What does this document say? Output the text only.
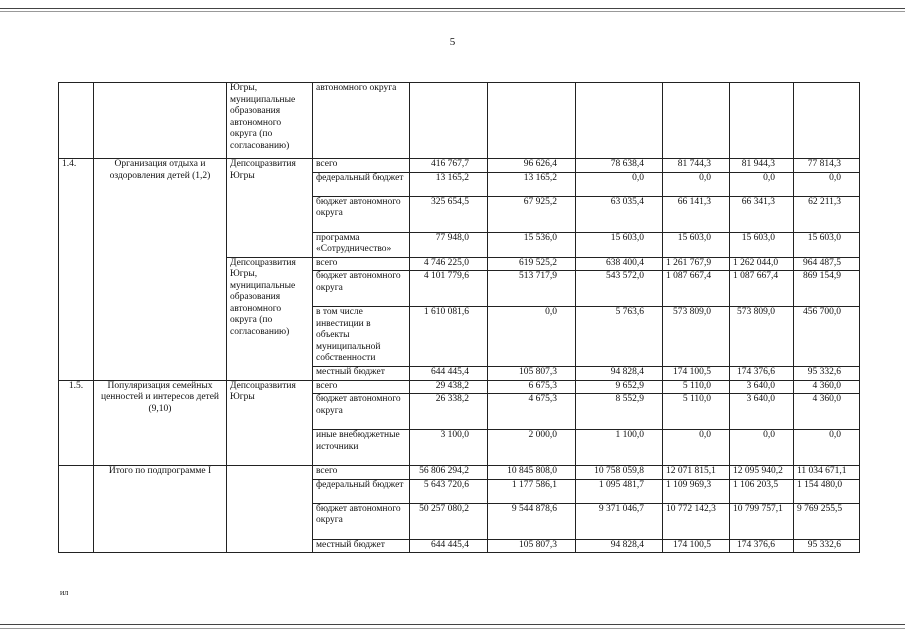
5
		Югры, муниципальные образования автономного округа (по согласованию)	автономного округа						
1.4.	Организация отдыха и оздоровления детей (1,2)	Депсоцразвития Югры	всего	416 767,7	96 626,4	78 638,4	81 744,3	81 944,3	77 814,3
			федеральный бюджет	13 165,2	13 165,2	0,0	0,0	0,0	0,0
			бюджет автономного округа	325 654,5	67 925,2	63 035,4	66 141,3	66 341,3	62 211,3
			программа «Сотрудничество»	77 948,0	15 536,0	15 603,0	15 603,0	15 603,0	15 603,0
		Депсоцразвития Югры, муниципальные образования автономного округа (по согласованию)	всего	4 746 225,0	619 525,2	638 400,4	1 261 767,9	1 262 044,0	964 487,5
			бюджет автономного округа	4 101 779,6	513 717,9	543 572,0	1 087 667,4	1 087 667,4	869 154,9
			в том числе инвестиции в объекты муниципальной собственности	1 610 081,6	0,0	5 763,6	573 809,0	573 809,0	456 700,0
			местный бюджет	644 445,4	105 807,3	94 828,4	174 100,5	174 376,6	95 332,6
1.5.	Популяризация семейных ценностей и интересов детей (9,10)	Депсоцразвития Югры	всего	29 438,2	6 675,3	9 652,9	5 110,0	3 640,0	4 360,0
			бюджет автономного округа	26 338,2	4 675,3	8 552,9	5 110,0	3 640,0	4 360,0
			иные внебюджетные источники	3 100,0	2 000,0	1 100,0	0,0	0,0	0,0
	Итого по подпрограмме I		всего	56 806 294,2	10 845 808,0	10 758 059,8	12 071 815,1	12 095 940,2	11 034 671,1
			федеральный бюджет	5 643 720,6	1 177 586,1	1 095 481,7	1 109 969,3	1 106 203,5	1 154 480,0
			бюджет автономного округа	50 257 080,2	9 544 878,6	9 371 046,7	10 772 142,3	10 799 757,1	9 769 255,5
			местный бюджет	644 445,4	105 807,3	94 828,4	174 100,5	174 376,6	95 332,6
ил
